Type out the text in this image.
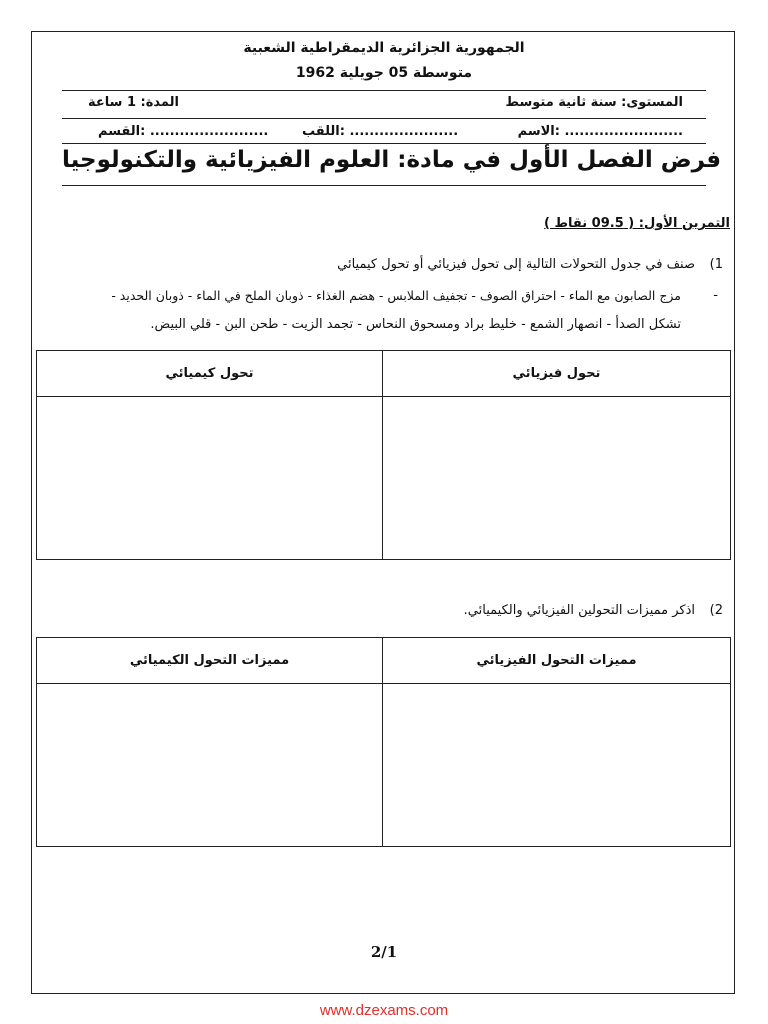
الجمهورية الجزائرية الديمقراطية الشعبية
متوسطة 05 جويلية 1962
المستوى: سنة ثانية متوسط
المدة: 1 ساعة
الاسم: ........................
اللقب: ......................
القسم: ........................
فرض الفصل الأول في مادة: العلوم الفيزيائية والتكنولوجيا
التمرين الأول: ( 09.5 نقاط )
1)
صنف في جدول التحولات التالية إلى تحول فيزيائي أو تحول كيميائي
-
مزج الصابون مع الماء - احتراق الصوف - تجفيف الملابس - هضم الغذاء - ذوبان الملح في الماء - ذوبان الحديد -
تشكل الصدأ - انصهار الشمع - خليط براد ومسحوق النحاس - تجمد الزيت - طحن البن - قلي البيض.
تحول فيزيائي	تحول كيميائي

2)
اذكر مميزات التحولين الفيزيائي والكيميائي.
مميزات التحول الفيزيائي	مميزات التحول الكيميائي

2/1
www.dzexams.com
